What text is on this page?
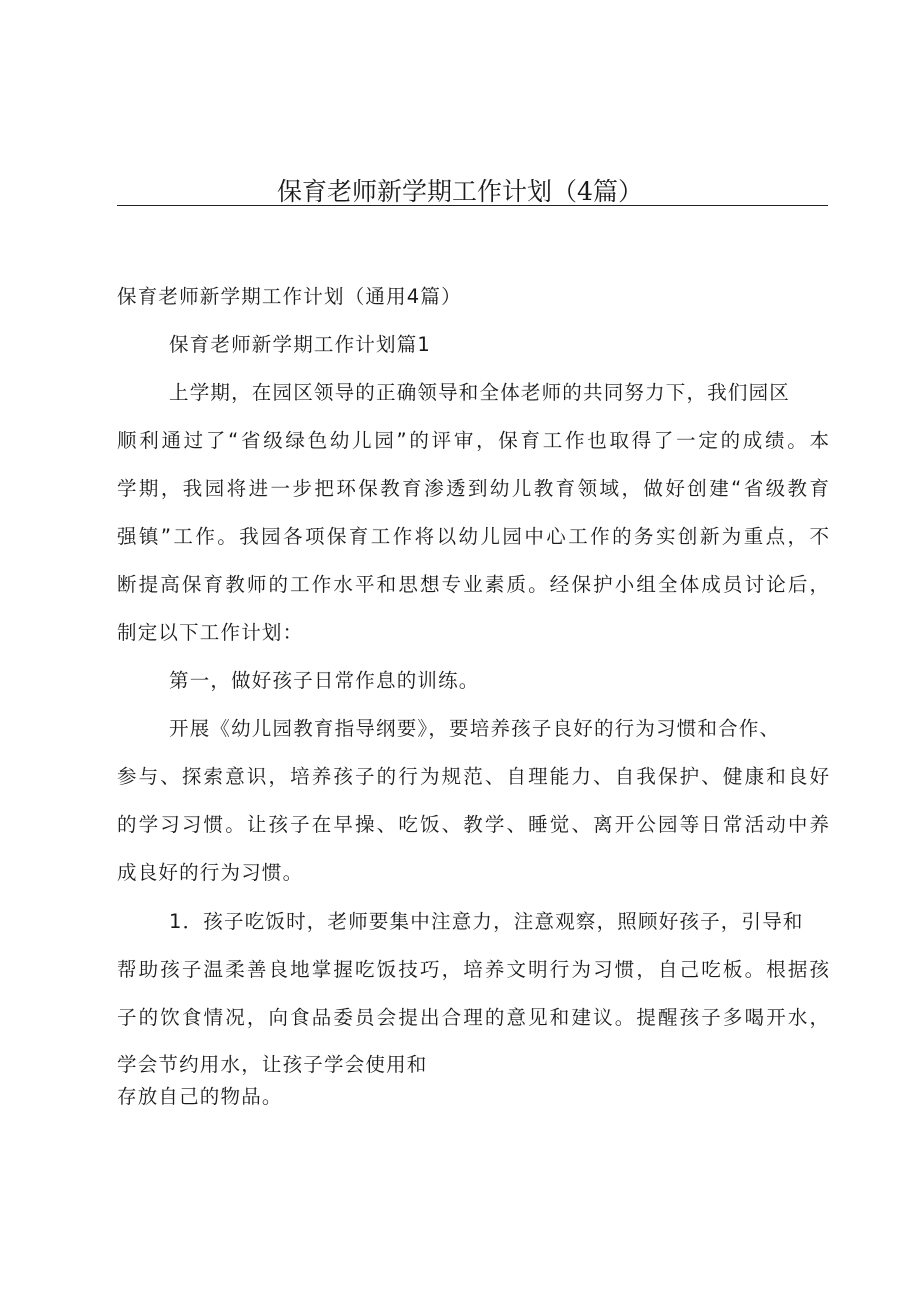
保育老师新学期工作计划（4篇）

保育老师新学期工作计划（通用4篇）

保育老师新学期工作计划篇1

上学期，在园区领导的正确领导和全体老师的共同努力下，我们园区

顺利通过了“省级绿色幼儿园”的评审，保育工作也取得了一定的成绩。本

学期，我园将进一步把环保教育渗透到幼儿教育领域，做好创建“省级教育

强镇”工作。我园各项保育工作将以幼儿园中心工作的务实创新为重点，不

断提高保育教师的工作水平和思想专业素质。经保护小组全体成员讨论后，

制定以下工作计划：

第一，做好孩子日常作息的训练。

开展《幼儿园教育指导纲要》，要培养孩子良好的行为习惯和合作、

参与、探索意识，培养孩子的行为规范、自理能力、自我保护、健康和良好

的学习习惯。让孩子在早操、吃饭、教学、睡觉、离开公园等日常活动中养

成良好的行为习惯。

1．孩子吃饭时，老师要集中注意力，注意观察，照顾好孩子，引导和

帮助孩子温柔善良地掌握吃饭技巧，培养文明行为习惯，自己吃板。根据孩

子的饮食情况，向食品委员会提出合理的意见和建议。提醒孩子多喝开水，

学会节约用水，让孩子学会使用和

存放自己的物品。
